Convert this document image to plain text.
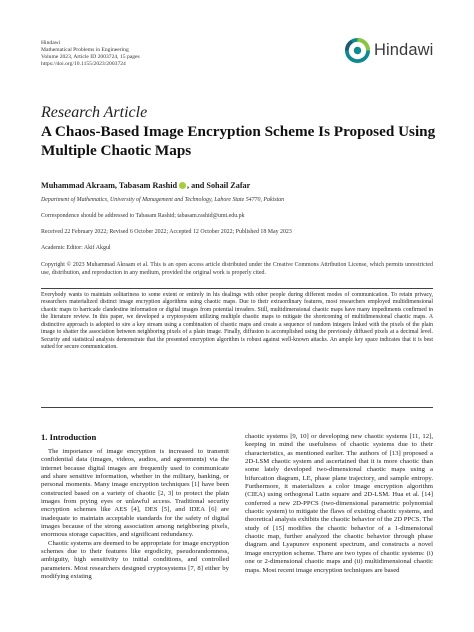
Hindawi
Mathematical Problems in Engineering
Volume 2023, Article ID 2003724, 15 pages
https://doi.org/10.1155/2023/2003724
Hindawi
Research Article
A Chaos-Based Image Encryption Scheme Is Proposed Using Multiple Chaotic Maps
Muhammad Akraam, Tabasam Rashid , and Sohail Zafar
Department of Mathematics, University of Management and Technology, Lahore State 54770, Pakistan
Correspondence should be addressed to Tabasam Rashid; tabasam.rashid@umt.edu.pk
Received 22 February 2022; Revised 6 October 2022; Accepted 12 October 2022; Published 18 May 2023
Academic Editor: Akif Akgul
Copyright © 2023 Muhammad Akraam et al. This is an open access article distributed under the Creative Commons Attribution License, which permits unrestricted use, distribution, and reproduction in any medium, provided the original work is properly cited.
Everybody wants to maintain solitariness to some extent or entirely in his dealings with other people during different modes of communication. To retain privacy, researchers materialized distinct image encryption algorithms using chaotic maps. Due to their extraordinary features, most researchers employed multidimensional chaotic maps to barricade clandestine information or digital images from potential invaders. Still, multidimensional chaotic maps have many impediments confirmed in the literature review. In this paper, we developed a cryptosystem utilizing multiple chaotic maps to mitigate the shortcoming of multidimensional chaotic maps. A distinctive approach is adopted to sire a key stream using a combination of chaotic maps and create a sequence of random integers linked with the pixels of the plain image to shatter the association between neighboring pixels of a plain image. Finally, diffusion is accomplished using the previously diffused pixels at a decimal level. Security and statistical analysis demonstrate that the presented encryption algorithm is robust against well-known attacks. An ample key space indicates that it is best suited for secure communication.
1. Introduction

The importance of image encryption is increased to transmit confidential data (images, videos, audios, and agreements) via the internet because digital images are frequently used to communicate and share sensitive information, whether in the military, banking, or personal moments. Many image encryption techniques [1] have been constructed based on a variety of chaotic [2, 3] to protect the plain images from prying eyes or unlawful access. Traditional security encryption schemes like AES [4], DES [5], and IDEA [6] are inadequate to maintain acceptable standards for the safety of digital images because of the strong association among neighboring pixels, enormous storage capacities, and significant redundancy.

Chaotic systems are deemed to be appropriate for image encryption schemes due to their features like ergodicity, pseudorandomness, ambiguity, high sensitivity to initial conditions, and controlled parameters. Most researchers designed cryptosystems [7, 8] either by modifying existing

chaotic systems [9, 10] or developing new chaotic systems [11, 12], keeping in mind the usefulness of chaotic systems due to their characteristics, as mentioned earlier. The authors of [13] proposed a 2D-LSM chaotic system and ascertained that it is more chaotic than some lately developed two-dimensional chaotic maps using a bifurcation diagram, LE, phase plane trajectory, and sample entropy. Furthermore, it materializes a color image encryption algorithm (CIEA) using orthogonal Latin square and 2D-LSM. Hua et al. [14] conferred a new 2D-PPCS (two-dimensional parametric polynomial chaotic system) to mitigate the flaws of existing chaotic systems, and theoretical analysis exhibits the chaotic behavior of the 2D PPCS. The study of [15] modifies the chaotic behavior of a 1-dimensional chaotic map, further analyzed the chaotic behavior through phase diagram and Lyapunov exponent spectrum, and constructs a novel image encryption scheme. There are two types of chaotic systems: (i) one or 2-dimensional chaotic maps and (ii) multidimensional chaotic maps. Most recent image encryption techniques are based
